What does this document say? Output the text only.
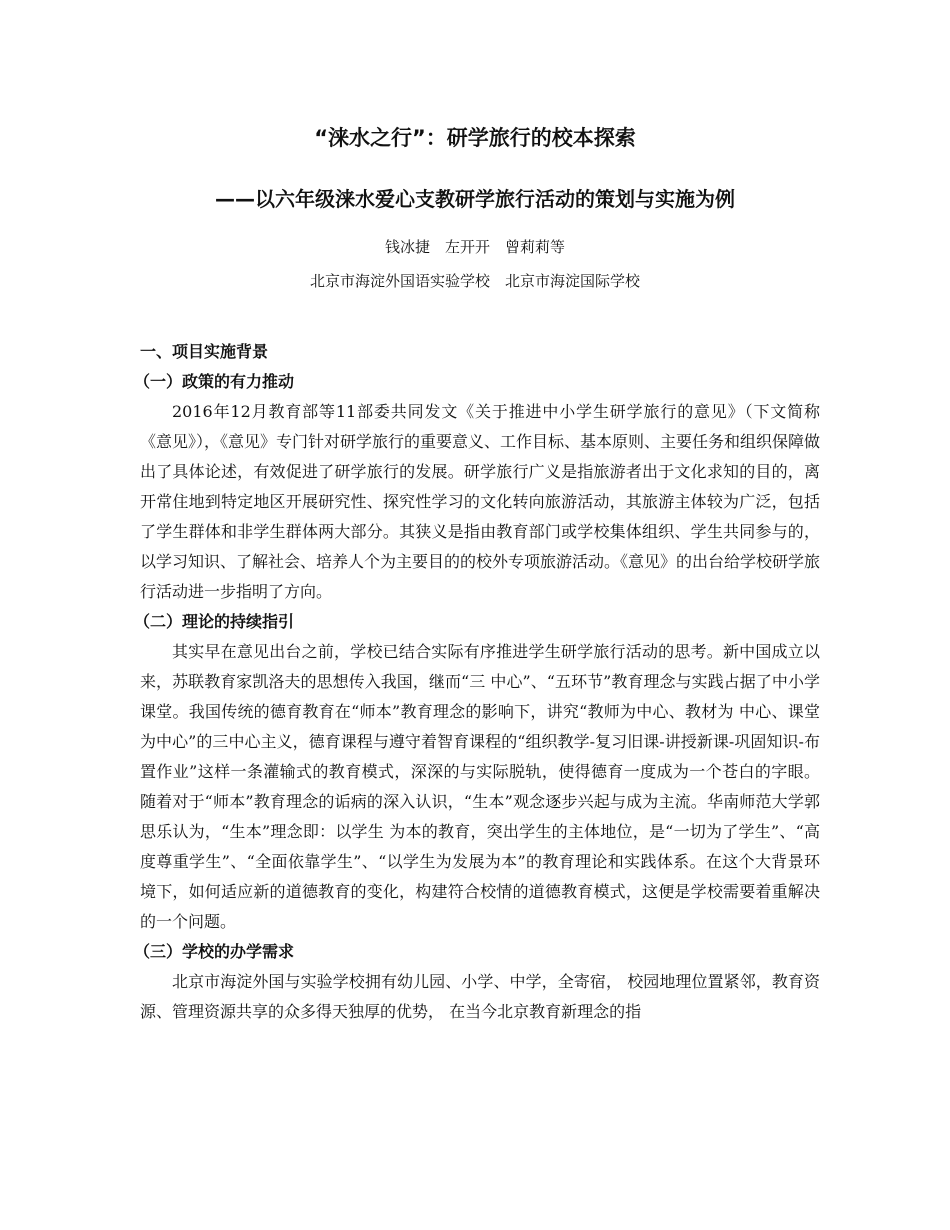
“涞水之行”：研学旅行的校本探索
——以六年级涞水爱心支教研学旅行活动的策划与实施为例
钱冰捷　左开开　曾莉莉等
北京市海淀外国语实验学校　北京市海淀国际学校

一、项目实施背景

（一）政策的有力推动

2016年12月教育部等11部委共同发文《关于推进中小学生研学旅行的意见》（下文简称《意见》），《意见》专门针对研学旅行的重要意义、工作目标、基本原则、主要任务和组织保障做出了具体论述，有效促进了研学旅行的发展。研学旅行广义是指旅游者出于文化求知的目的，离开常住地到特定地区开展研究性、探究性学习的文化转向旅游活动，其旅游主体较为广泛，包括了学生群体和非学生群体两大部分。其狭义是指由教育部门或学校集体组织、学生共同参与的，以学习知识、了解社会、培养人个为主要目的的校外专项旅游活动。《意见》的出台给学校研学旅行活动进一步指明了方向。

（二）理论的持续指引

其实早在意见出台之前，学校已结合实际有序推进学生研学旅行活动的思考。新中国成立以来，苏联教育家凯洛夫的思想传入我国，继而“三 中心”、“五环节”教育理念与实践占据了中小学课堂。我国传统的德育教育在“师本”教育理念的影响下，讲究“教师为中心、教材为 中心、课堂为中心”的三中心主义，德育课程与遵守着智育课程的“组织教学-复习旧课-讲授新课-巩固知识-布置作业”这样一条灌输式的教育模式，深深的与实际脱轨，使得德育一度成为一个苍白的字眼。随着对于“师本”教育理念的诟病的深入认识，“生本”观念逐步兴起与成为主流。华南师范大学郭思乐认为，“生本”理念即：以学生 为本的教育，突出学生的主体地位，是“一切为了学生”、“高度尊重学生”、“全面依靠学生”、“以学生为发展为本”的教育理论和实践体系。在这个大背景环境下，如何适应新的道德教育的变化，构建符合校情的道德教育模式，这便是学校需要着重解决的一个问题。

（三）学校的办学需求

北京市海淀外国与实验学校拥有幼儿园、小学、中学，全寄宿， 校园地理位置紧邻，教育资源、管理资源共享的众多得天独厚的优势， 在当今北京教育新理念的指
